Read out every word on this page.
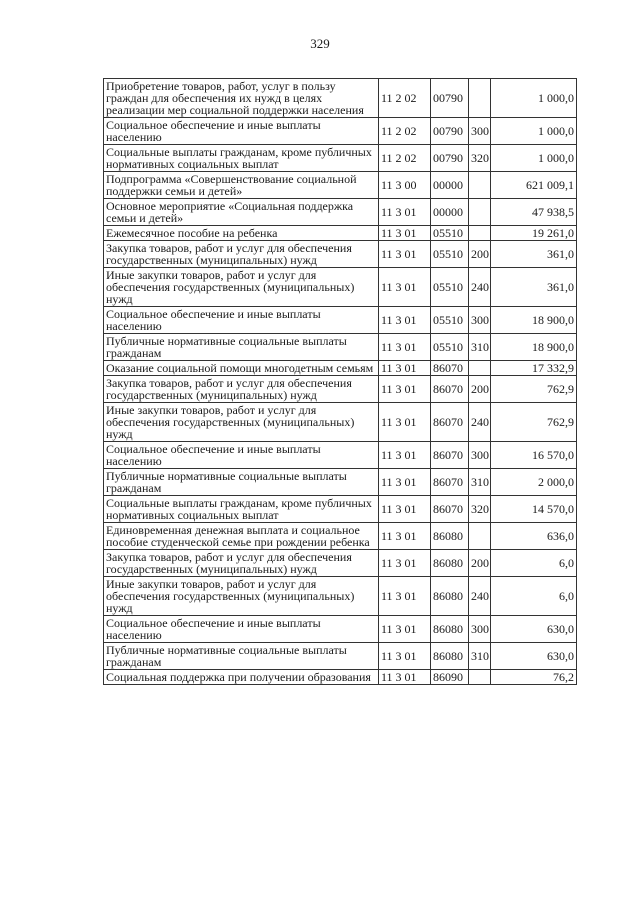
329
Приобретение товаров, работ, услуг в пользу граждан для обеспечения их нужд в целях реализации мер социальной поддержки населения	11 2 02	00790		1 000,0
Социальное обеспечение и иные выплаты населению	11 2 02	00790	300	1 000,0
Социальные выплаты гражданам, кроме публичных нормативных социальных выплат	11 2 02	00790	320	1 000,0
Подпрограмма «Совершенствование социальной поддержки семьи и детей»	11 3 00	00000		621 009,1
Основное мероприятие «Социальная поддержка семьи и детей»	11 3 01	00000		47 938,5
Ежемесячное пособие на ребенка	11 3 01	05510		19 261,0
Закупка товаров, работ и услуг для обеспечения государственных (муниципальных) нужд	11 3 01	05510	200	361,0
Иные закупки товаров, работ и услуг для обеспечения государственных (муниципальных) нужд	11 3 01	05510	240	361,0
Социальное обеспечение и иные выплаты населению	11 3 01	05510	300	18 900,0
Публичные нормативные социальные выплаты гражданам	11 3 01	05510	310	18 900,0
Оказание социальной помощи многодетным семьям	11 3 01	86070		17 332,9
Закупка товаров, работ и услуг для обеспечения государственных (муниципальных) нужд	11 3 01	86070	200	762,9
Иные закупки товаров, работ и услуг для обеспечения государственных (муниципальных) нужд	11 3 01	86070	240	762,9
Социальное обеспечение и иные выплаты населению	11 3 01	86070	300	16 570,0
Публичные нормативные социальные выплаты гражданам	11 3 01	86070	310	2 000,0
Социальные выплаты гражданам, кроме публичных нормативных социальных выплат	11 3 01	86070	320	14 570,0
Единовременная денежная выплата и социальное пособие студенческой семье при рождении ребенка	11 3 01	86080		636,0
Закупка товаров, работ и услуг для обеспечения государственных (муниципальных) нужд	11 3 01	86080	200	6,0
Иные закупки товаров, работ и услуг для обеспечения государственных (муниципальных) нужд	11 3 01	86080	240	6,0
Социальное обеспечение и иные выплаты населению	11 3 01	86080	300	630,0
Публичные нормативные социальные выплаты гражданам	11 3 01	86080	310	630,0
Социальная поддержка при получении образования	11 3 01	86090		76,2
